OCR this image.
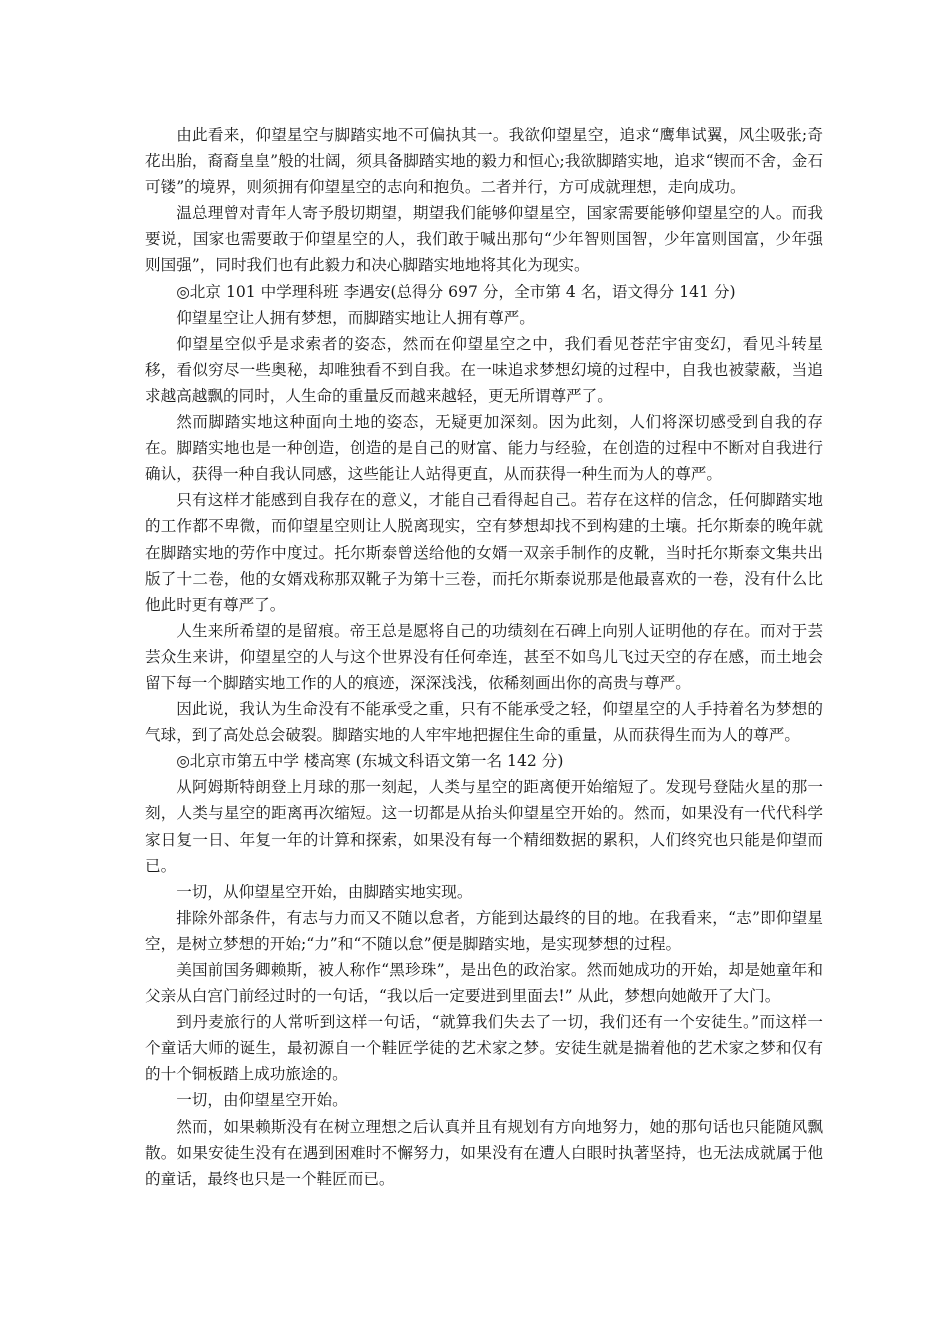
由此看来，仰望星空与脚踏实地不可偏执其一。我欲仰望星空，追求“鹰隼试翼，风尘吸张;奇花出胎，裔裔皇皇”般的壮阔，须具备脚踏实地的毅力和恒心;我欲脚踏实地，追求“锲而不舍，金石可镂”的境界，则须拥有仰望星空的志向和抱负。二者并行，方可成就理想，走向成功。

温总理曾对青年人寄予殷切期望，期望我们能够仰望星空，国家需要能够仰望星空的人。而我要说，国家也需要敢于仰望星空的人，我们敢于喊出那句“少年智则国智，少年富则国富，少年强则国强”，同时我们也有此毅力和决心脚踏实地地将其化为现实。

◎北京 101 中学理科班 李遇安(总得分 697 分，全市第 4 名，语文得分 141 分)

仰望星空让人拥有梦想，而脚踏实地让人拥有尊严。

仰望星空似乎是求索者的姿态，然而在仰望星空之中，我们看见苍茫宇宙变幻，看见斗转星移，看似穷尽一些奥秘，却唯独看不到自我。在一味追求梦想幻境的过程中，自我也被蒙蔽，当追求越高越飘的同时，人生命的重量反而越来越轻，更无所谓尊严了。

然而脚踏实地这种面向土地的姿态，无疑更加深刻。因为此刻，人们将深切感受到自我的存在。脚踏实地也是一种创造，创造的是自己的财富、能力与经验，在创造的过程中不断对自我进行确认，获得一种自我认同感，这些能让人站得更直，从而获得一种生而为人的尊严。

只有这样才能感到自我存在的意义，才能自己看得起自己。若存在这样的信念，任何脚踏实地的工作都不卑微，而仰望星空则让人脱离现实，空有梦想却找不到构建的土壤。托尔斯泰的晚年就在脚踏实地的劳作中度过。托尔斯泰曾送给他的女婿一双亲手制作的皮靴，当时托尔斯泰文集共出版了十二卷，他的女婿戏称那双靴子为第十三卷，而托尔斯泰说那是他最喜欢的一卷，没有什么比他此时更有尊严了。

人生来所希望的是留痕。帝王总是愿将自己的功绩刻在石碑上向别人证明他的存在。而对于芸芸众生来讲，仰望星空的人与这个世界没有任何牵连，甚至不如鸟儿飞过天空的存在感，而土地会留下每一个脚踏实地工作的人的痕迹，深深浅浅，依稀刻画出你的高贵与尊严。

因此说，我认为生命没有不能承受之重，只有不能承受之轻，仰望星空的人手持着名为梦想的气球，到了高处总会破裂。脚踏实地的人牢牢地把握住生命的重量，从而获得生而为人的尊严。

◎北京市第五中学 楼高寒 (东城文科语文第一名 142 分)

从阿姆斯特朗登上月球的那一刻起，人类与星空的距离便开始缩短了。发现号登陆火星的那一刻，人类与星空的距离再次缩短。这一切都是从抬头仰望星空开始的。然而，如果没有一代代科学家日复一日、年复一年的计算和探索，如果没有每一个精细数据的累积，人们终究也只能是仰望而已。

一切，从仰望星空开始，由脚踏实地实现。

排除外部条件，有志与力而又不随以怠者，方能到达最终的目的地。在我看来，“志”即仰望星空，是树立梦想的开始;“力”和“不随以怠”便是脚踏实地，是实现梦想的过程。

美国前国务卿赖斯，被人称作“黑珍珠”，是出色的政治家。然而她成功的开始，却是她童年和父亲从白宫门前经过时的一句话，“我以后一定要进到里面去!” 从此，梦想向她敞开了大门。

到丹麦旅行的人常听到这样一句话，“就算我们失去了一切，我们还有一个安徒生。”而这样一个童话大师的诞生，最初源自一个鞋匠学徒的艺术家之梦。安徒生就是揣着他的艺术家之梦和仅有的十个铜板踏上成功旅途的。

一切，由仰望星空开始。

然而，如果赖斯没有在树立理想之后认真并且有规划有方向地努力，她的那句话也只能随风飘散。如果安徒生没有在遇到困难时不懈努力，如果没有在遭人白眼时执著坚持，也无法成就属于他的童话，最终也只是一个鞋匠而已。
